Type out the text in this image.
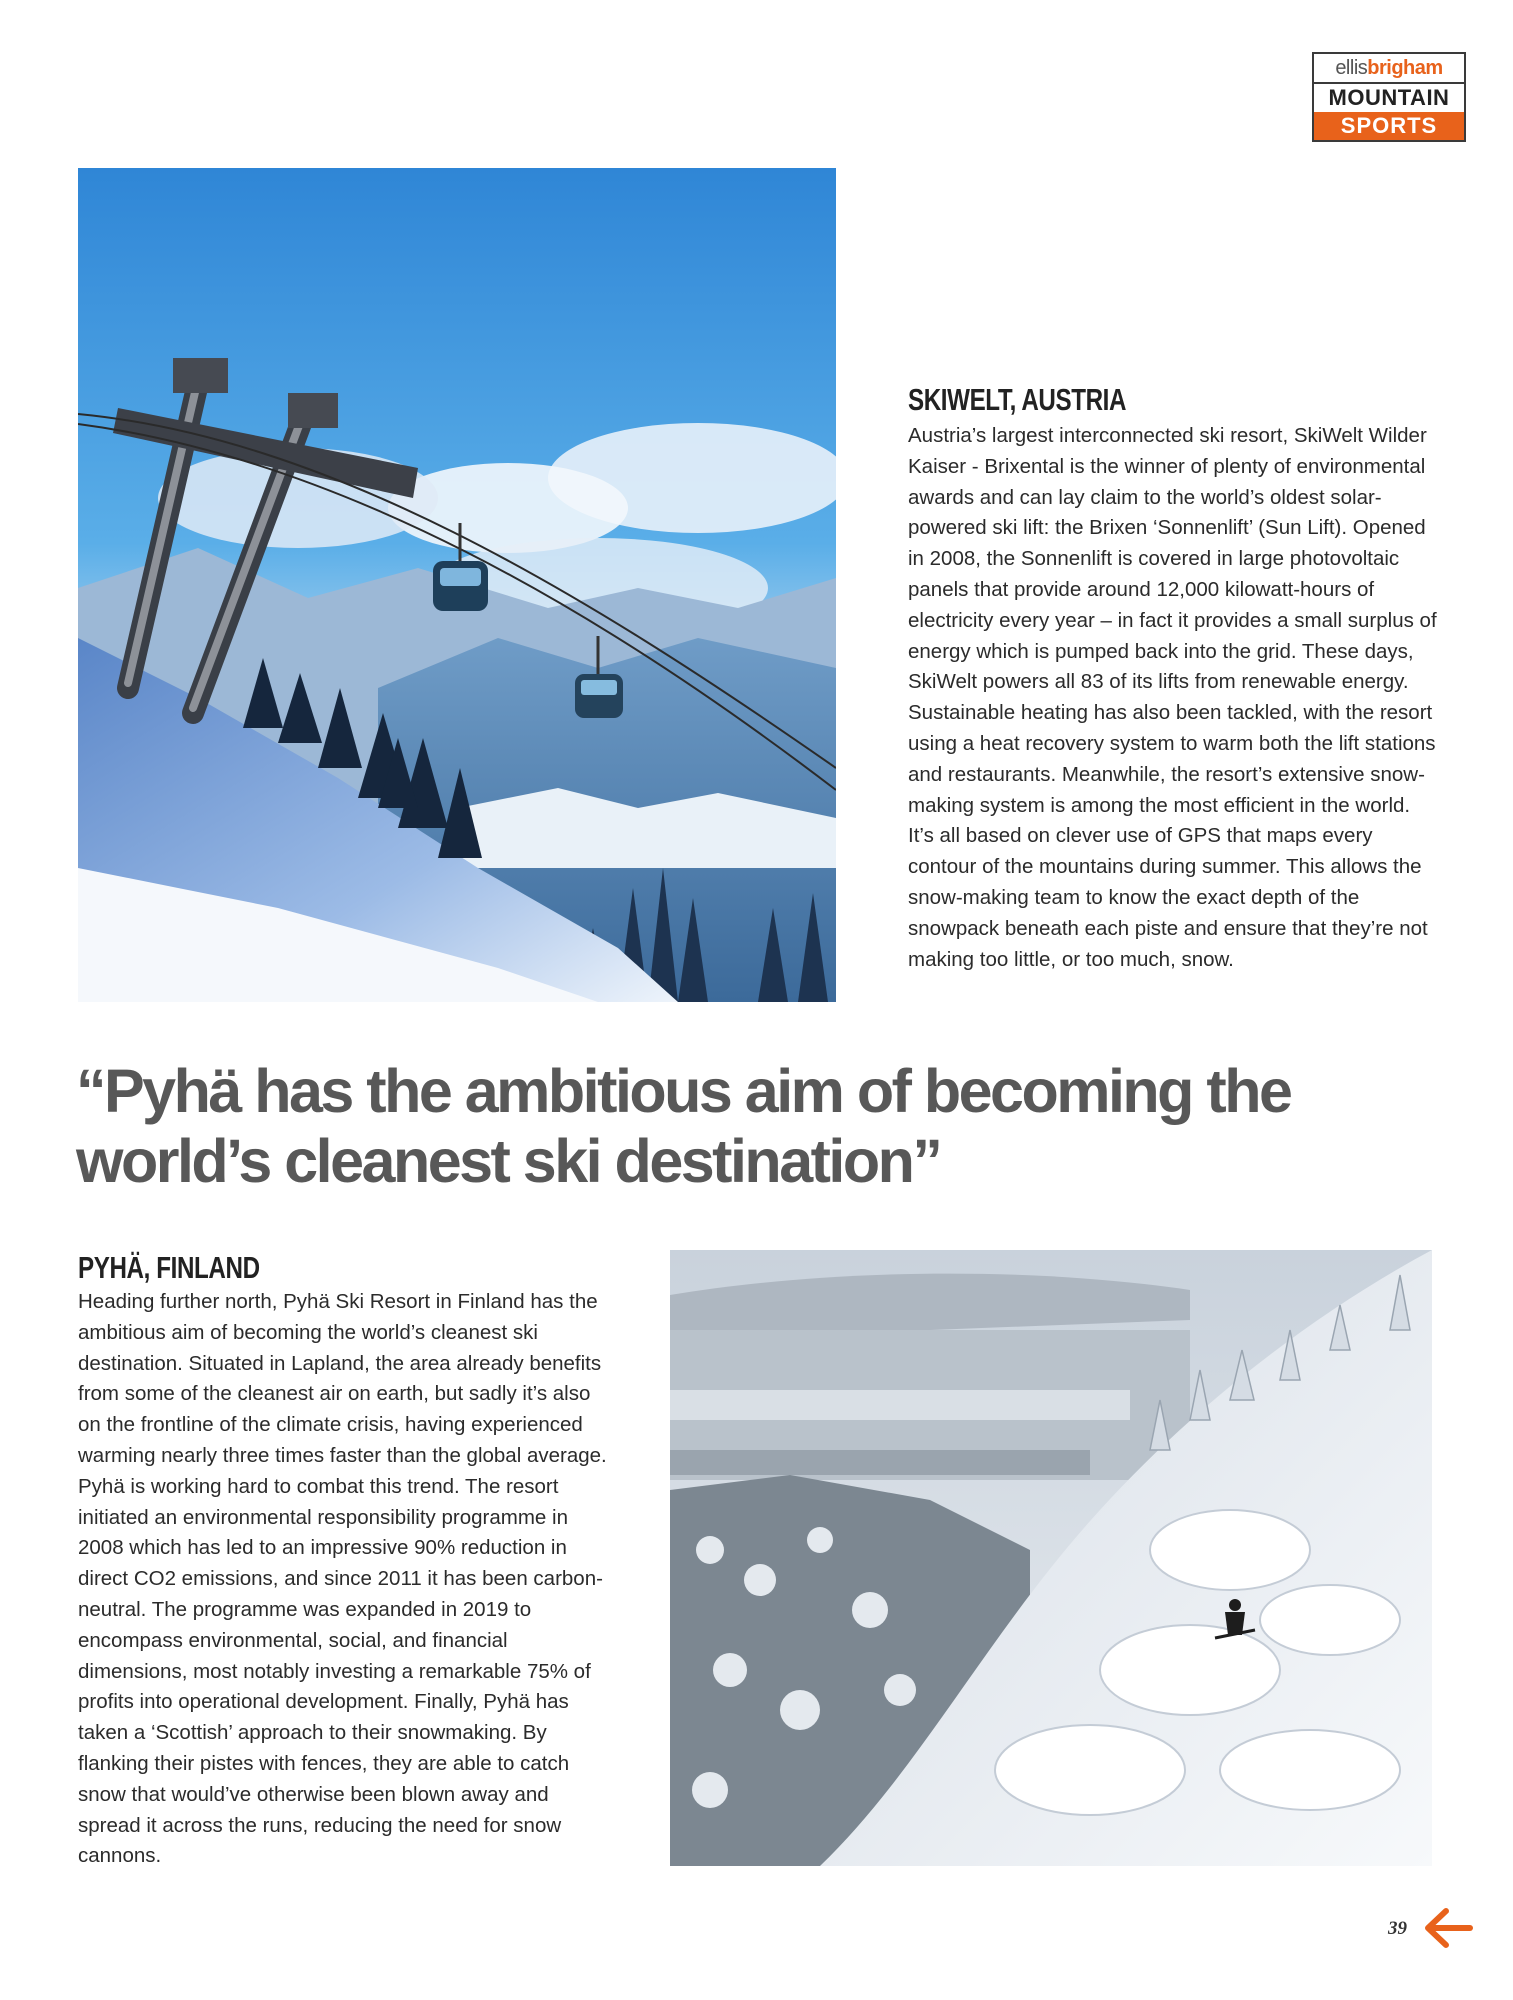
ellis brigham
MOUNTAIN
SPORTS
SKIWELT, AUSTRIA

Austria’s largest interconnected ski resort, SkiWelt Wilder Kaiser - Brixental is the winner of plenty of environmental awards and can lay claim to the world’s oldest solar-powered ski lift: the Brixen ‘Sonnenlift’ (Sun Lift). Opened in 2008, the Sonnenlift is covered in large photovoltaic panels that provide around 12,000 kilowatt-hours of electricity every year – in fact it provides a small surplus of energy which is pumped back into the grid. These days, SkiWelt powers all 83 of its lifts from renewable energy. Sustainable heating has also been tackled, with the resort using a heat recovery system to warm both the lift stations and restaurants. Meanwhile, the resort’s extensive snow-making system is among the most efficient in the world. It’s all based on clever use of GPS that maps every contour of the mountains during summer. This allows the snow-making team to know the exact depth of the snowpack beneath each piste and ensure that they’re not making too little, or too much, snow.

“Pyhä has the ambitious aim of becoming the world’s cleanest ski destination”

PYHÄ, FINLAND

Heading further north, Pyhä Ski Resort in Finland has the ambitious aim of becoming the world’s cleanest ski destination. Situated in Lapland, the area already benefits from some of the cleanest air on earth, but sadly it’s also on the frontline of the climate crisis, having experienced warming nearly three times faster than the global average. Pyhä is working hard to combat this trend. The resort initiated an environmental responsibility programme in 2008 which has led to an impressive 90% reduction in direct CO2 emissions, and since 2011 it has been carbon-neutral. The programme was expanded in 2019 to encompass environmental, social, and financial dimensions, most notably investing a remarkable 75% of profits into operational development. Finally, Pyhä has taken a ‘Scottish’ approach to their snowmaking. By flanking their pistes with fences, they are able to catch snow that would’ve otherwise been blown away and spread it across the runs, reducing the need for snow cannons.

39
